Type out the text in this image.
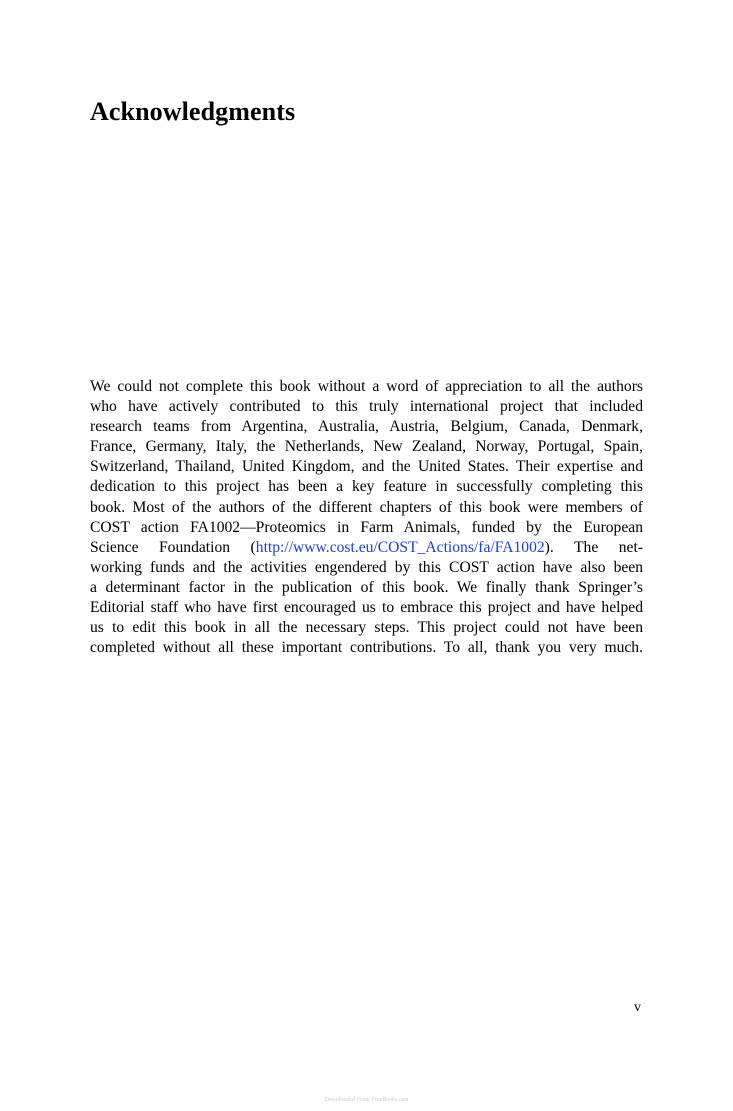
Acknowledgments
We could not complete this book without a word of appreciation to all the authors
who have actively contributed to this truly international project that included
research teams from Argentina, Australia, Austria, Belgium, Canada, Denmark,
France, Germany, Italy, the Netherlands, New Zealand, Norway, Portugal, Spain,
Switzerland, Thailand, United Kingdom, and the United States. Their expertise and
dedication to this project has been a key feature in successfully completing this
book. Most of the authors of the different chapters of this book were members of
COST action FA1002—Proteomics in Farm Animals, funded by the European
Science Foundation (http://www.cost.eu/COST_Actions/fa/FA1002). The net-
working funds and the activities engendered by this COST action have also been
a determinant factor in the publication of this book. We finally thank Springer’s
Editorial staff who have first encouraged us to embrace this project and have helped
us to edit this book in all the necessary steps. This project could not have been
completed without all these important contributions. To all, thank you very much.
v
Downloaded From FreeBooks.com
